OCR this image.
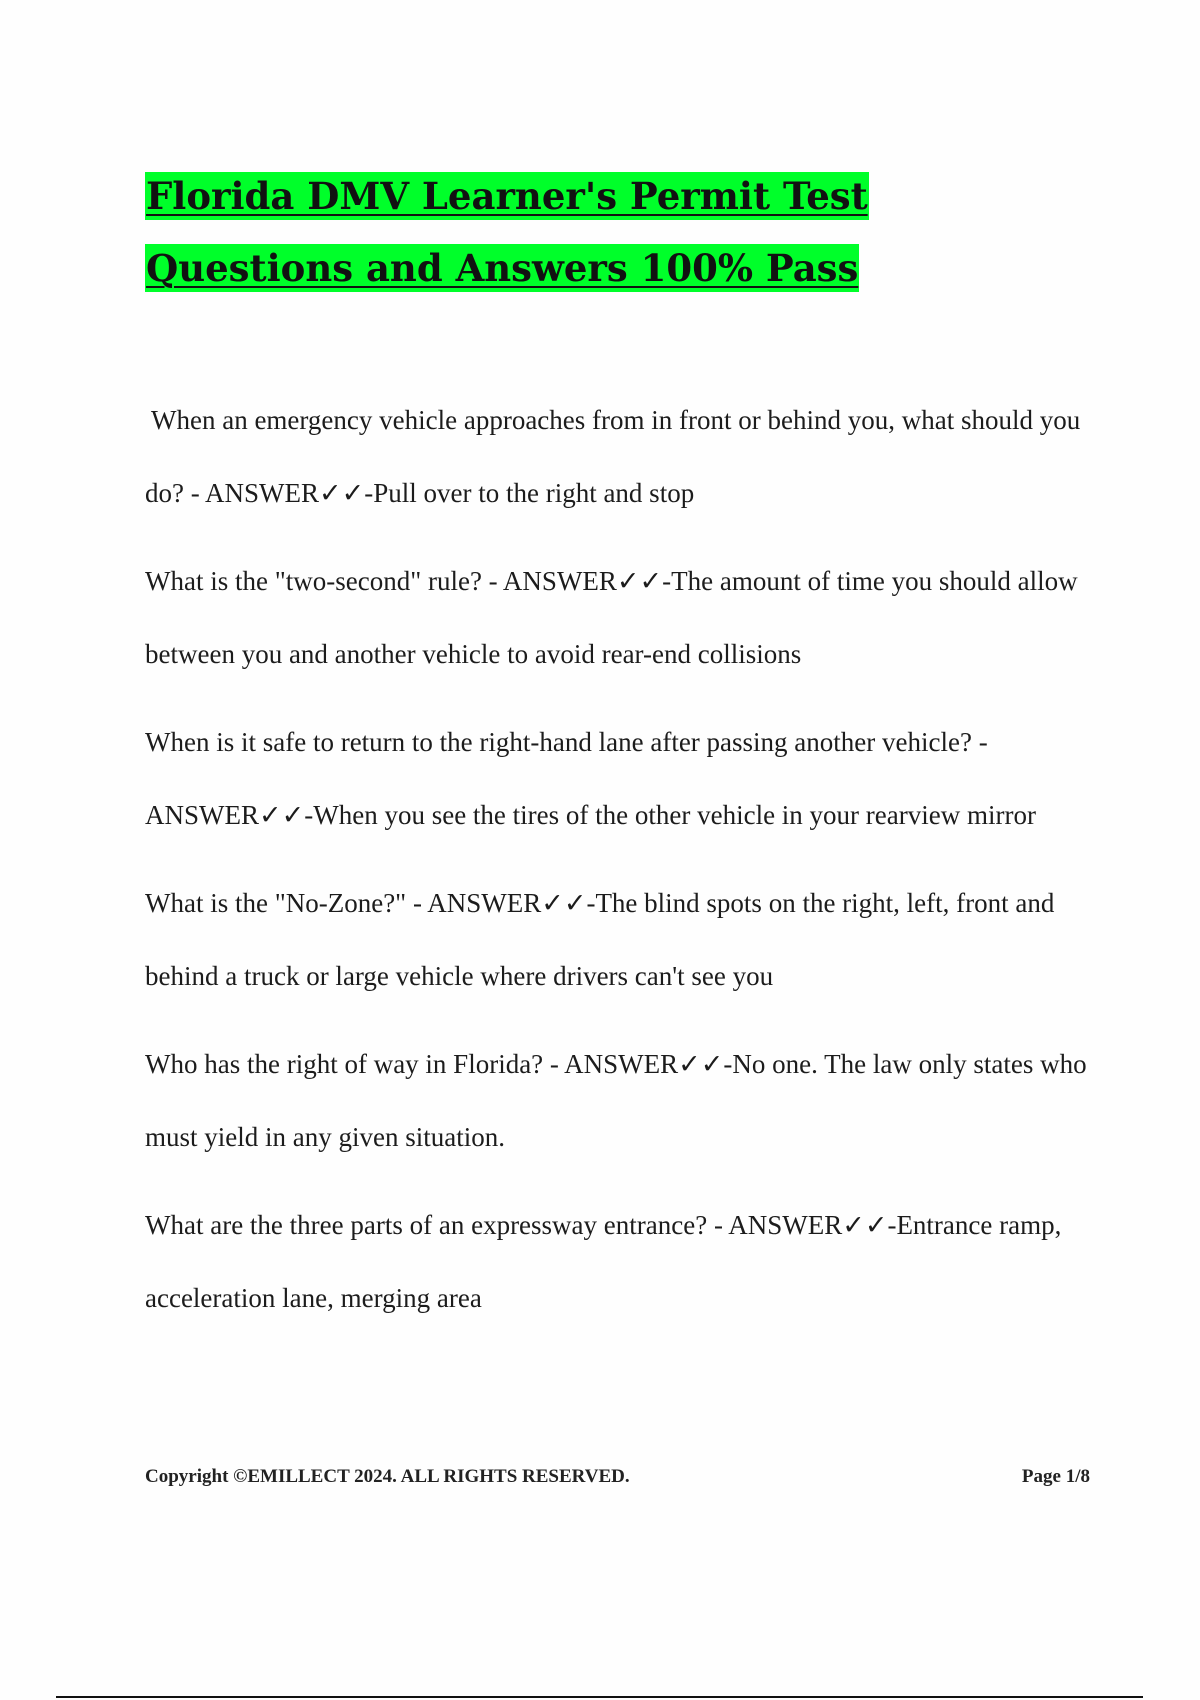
Florida DMV Learner's Permit Test Questions and Answers 100% Pass
When an emergency vehicle approaches from in front or behind you, what should you do? - ANSWER✓✓-Pull over to the right and stop
What is the "two-second" rule? - ANSWER✓✓-The amount of time you should allow between you and another vehicle to avoid rear-end collisions
When is it safe to return to the right-hand lane after passing another vehicle? - ANSWER✓✓-When you see the tires of the other vehicle in your rearview mirror
What is the "No-Zone?" - ANSWER✓✓-The blind spots on the right, left, front and behind a truck or large vehicle where drivers can't see you
Who has the right of way in Florida? - ANSWER✓✓-No one. The law only states who must yield in any given situation.
What are the three parts of an expressway entrance? - ANSWER✓✓-Entrance ramp, acceleration lane, merging area
Copyright ©EMILLECT 2024. ALL RIGHTS RESERVED.	Page 1/8
